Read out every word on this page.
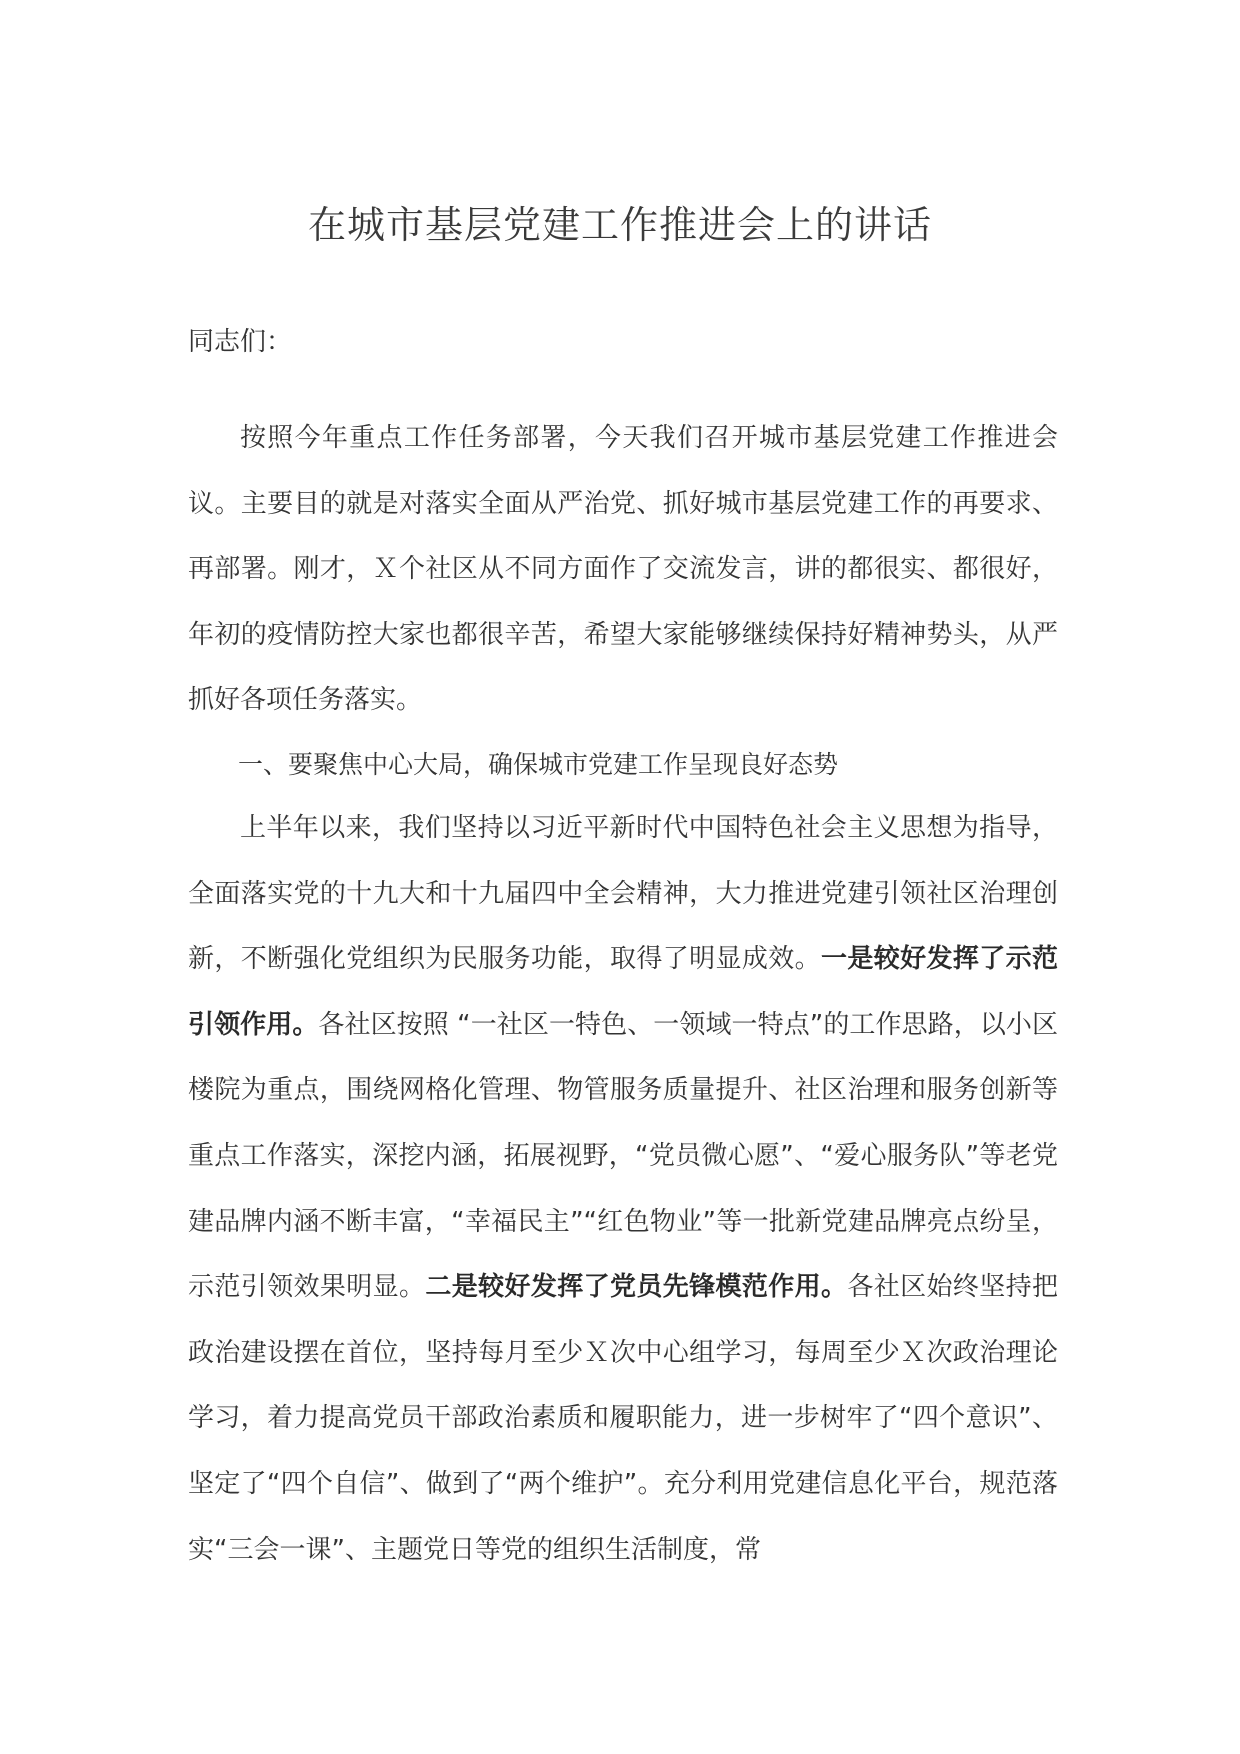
在城市基层党建工作推进会上的讲话

同志们：

按照今年重点工作任务部署，今天我们召开城市基层党建工作推进会议。主要目的就是对落实全面从严治党、抓好城市基层党建工作的再要求、再部署。刚才，Ｘ个社区从不同方面作了交流发言，讲的都很实、都很好，年初的疫情防控大家也都很辛苦，希望大家能够继续保持好精神势头，从严抓好各项任务落实。

一、要聚焦中心大局，确保城市党建工作呈现良好态势

上半年以来，我们坚持以习近平新时代中国特色社会主义思想为指导，全面落实党的十九大和十九届四中全会精神，大力推进党建引领社区治理创新，不断强化党组织为民服务功能，取得了明显成效。一是较好发挥了示范引领作用。各社区按照 “一社区一特色、一领域一特点”的工作思路，以小区楼院为重点，围绕网格化管理、物管服务质量提升、社区治理和服务创新等重点工作落实，深挖内涵，拓展视野，“党员微心愿”、“爱心服务队”等老党建品牌内涵不断丰富，“幸福民主”“红色物业”等一批新党建品牌亮点纷呈，示范引领效果明显。二是较好发挥了党员先锋模范作用。各社区始终坚持把政治建设摆在首位，坚持每月至少Ｘ次中心组学习，每周至少Ｘ次政治理论学习，着力提高党员干部政治素质和履职能力，进一步树牢了“四个意识”、坚定了“四个自信”、做到了“两个维护”。充分利用党建信息化平台，规范落实“三会一课”、主题党日等党的组织生活制度，常
